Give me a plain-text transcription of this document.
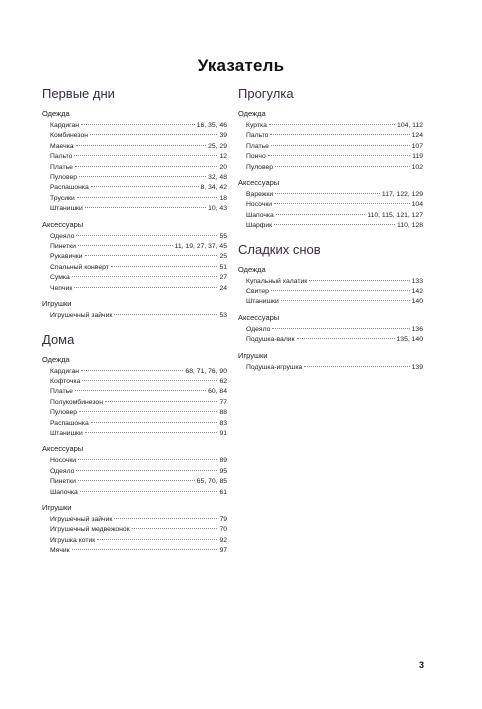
Указатель
Первые дни
Одежда
Кардиган	16, 35, 46
Комбинезон	39
Маечка	25, 29
Пальто	12
Платье	20
Пуловер	32, 48
Распашонка	8, 34, 42
Трусики	18
Штанишки	10, 43
Аксессуары
Одеяло	55
Пинетки	11, 19, 27, 37, 45
Рукавички	25
Спальный конверт	51
Сумка	27
Чепчик	24
Игрушки
Игрушечный зайчик	53
Дома
Одежда
Кардиган	68, 71, 76, 90
Кофточка	62
Платье	60, 84
Полукомбинезон	77
Пуловер	88
Распашонка	83
Штанишки	91
Аксессуары
Носочки	89
Одеяло	95
Пинетки	65, 70, 85
Шапочка	61
Игрушки
Игрушечный зайчик	79
Игрушечный медвежонок	70
Игрушка котик	92
Мячик	97
Прогулка
Одежда
Куртка	104, 112
Пальто	124
Платье	107
Пончо	119
Пуловер	102
Аксессуары
Варежки	117, 122, 129
Носочки	104
Шапочка	110, 115, 121, 127
Шарфик	110, 128
Сладких снов
Одежда
Купальный халатик	133
Свитер	142
Штанишки	140
Аксессуары
Одеяло	136
Подушка-валик	135, 140
Игрушки
Подушка-игрушка	139
3
